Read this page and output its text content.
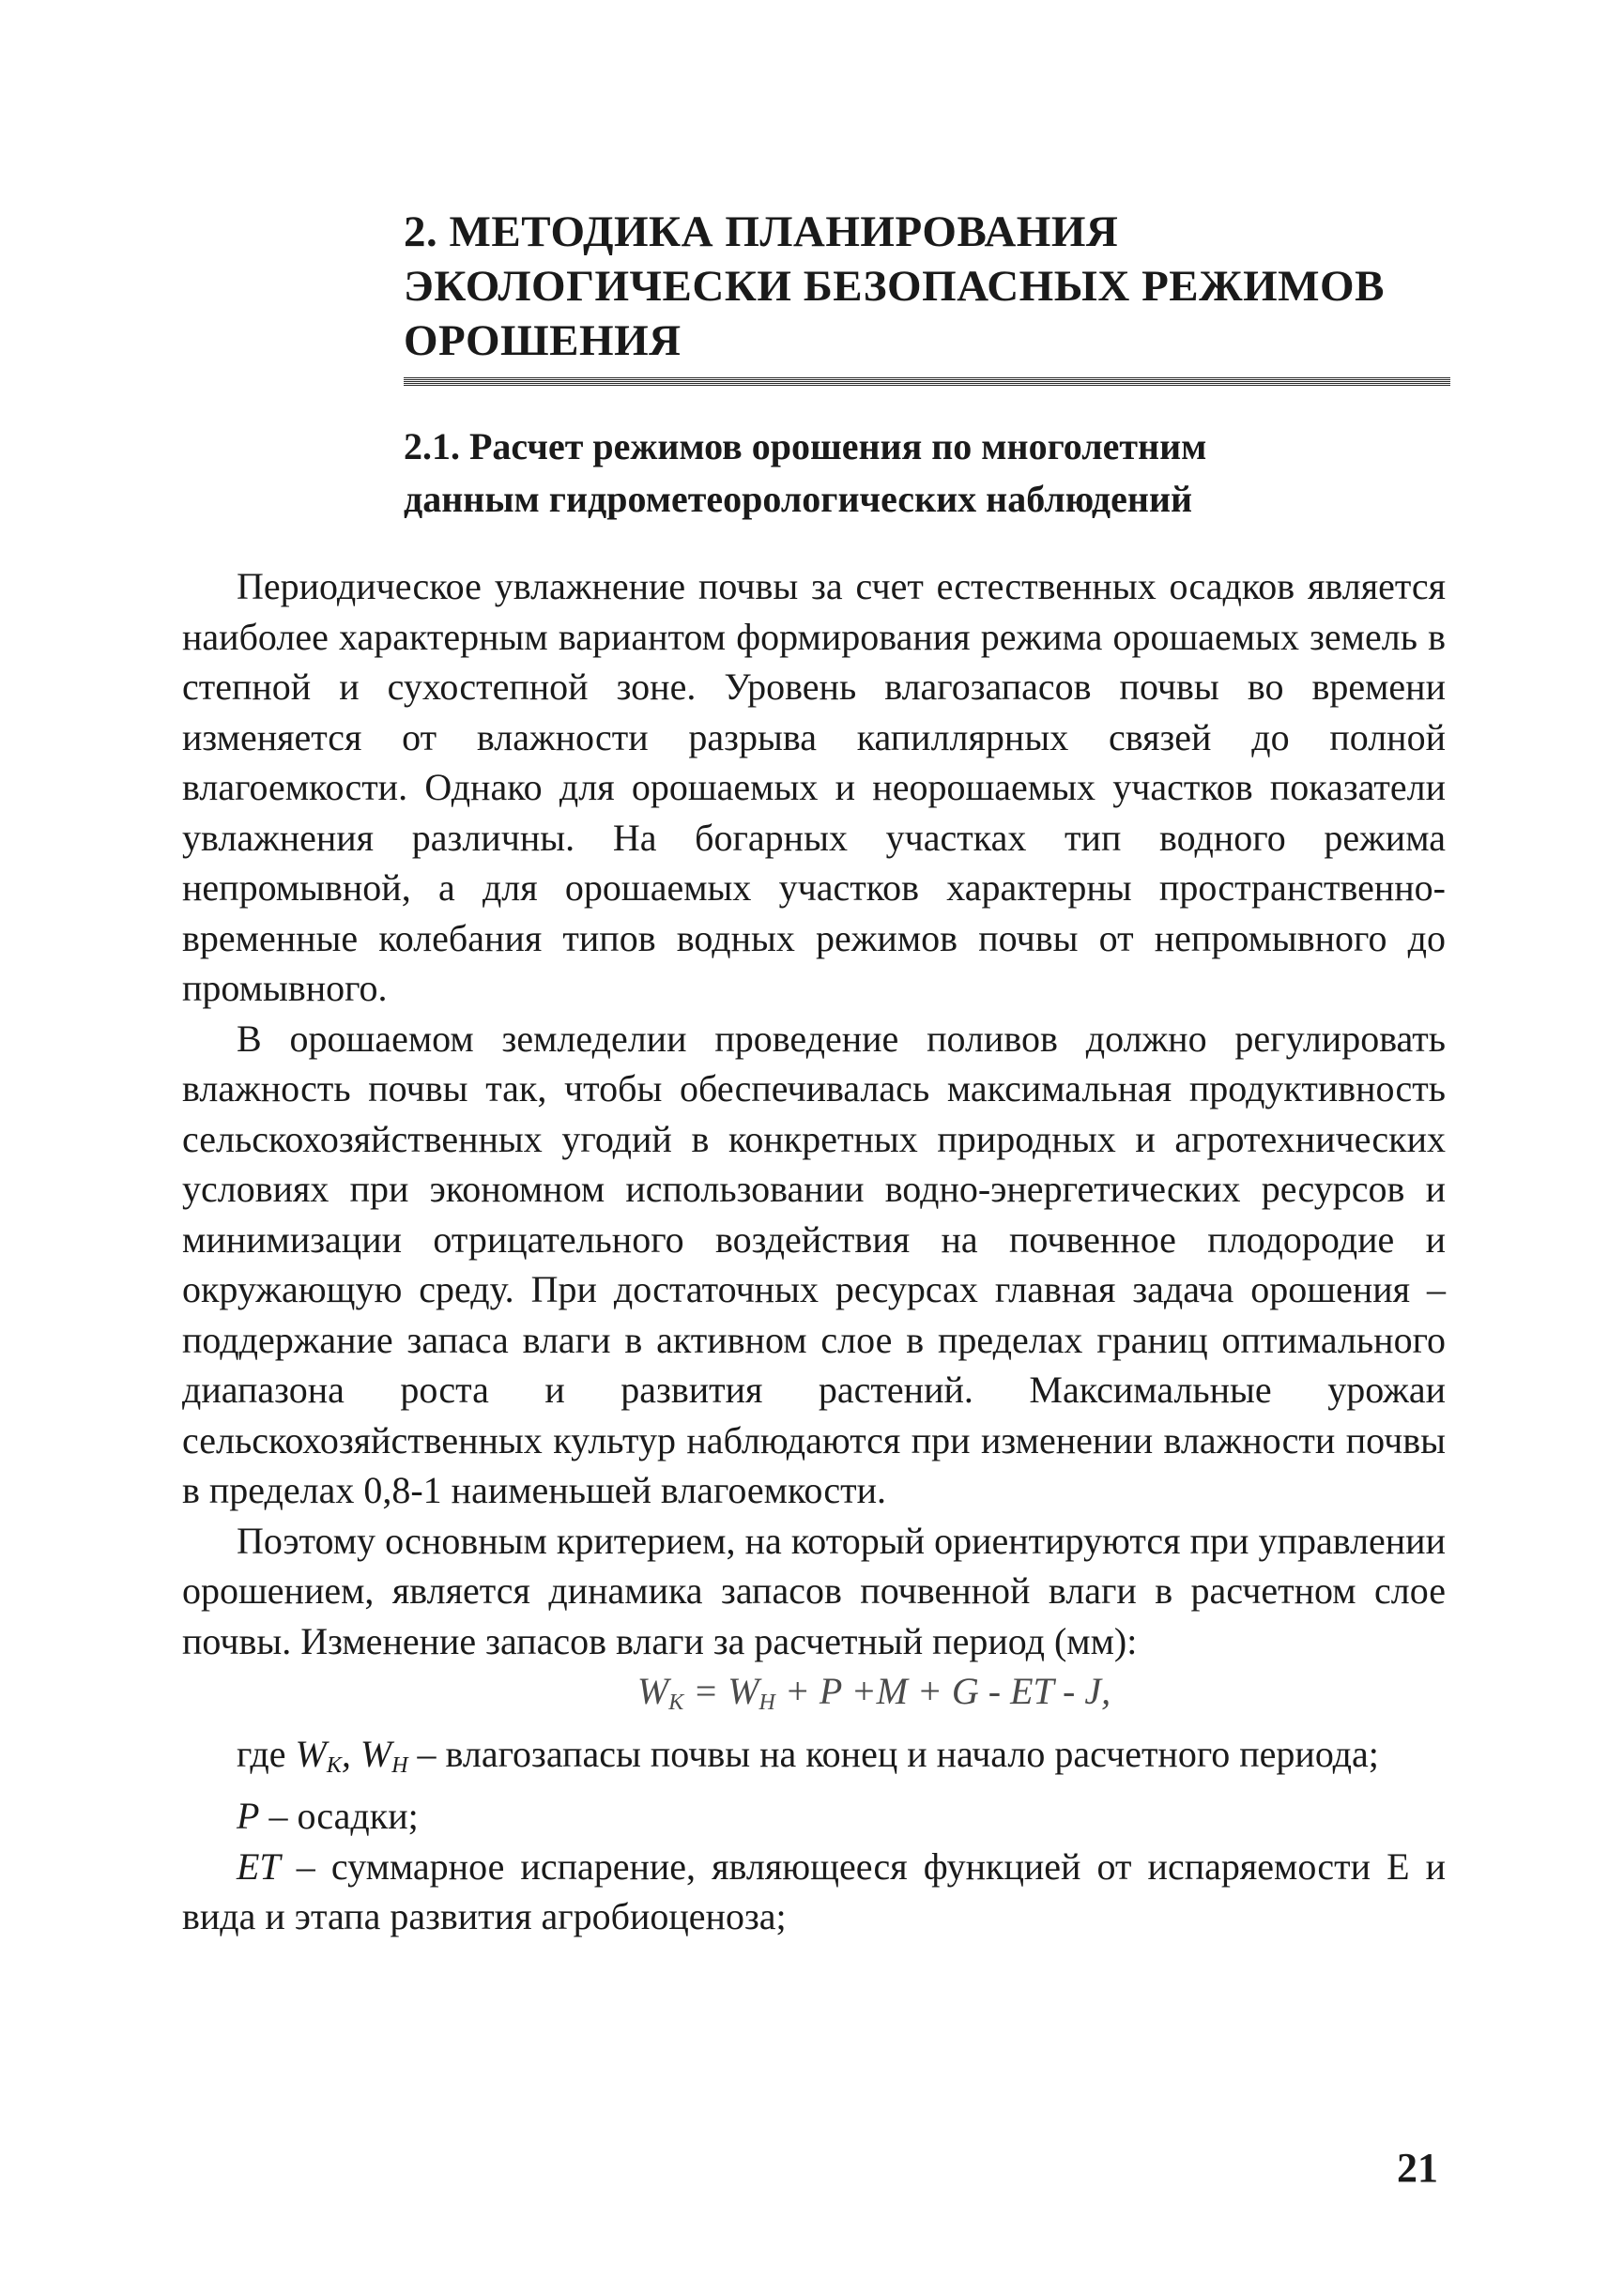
2. МЕТОДИКА ПЛАНИРОВАНИЯ
ЭКОЛОГИЧЕСКИ БЕЗОПАСНЫХ РЕЖИМОВ
ОРОШЕНИЯ
2.1. Расчет режимов орошения по многолетним
данным гидрометеорологических наблюдений

Периодическое увлажнение почвы за счет естественных осадков является наиболее характерным вариантом формирования режима орошаемых земель в степной и сухостепной зоне. Уровень влагозапасов почвы во времени изменяется от влажности разрыва капиллярных связей до полной влагоемкости. Однако для орошаемых и неорошаемых участков показатели увлажнения различны. На богарных участках тип водного режима непромывной, а для орошаемых участков характерны пространственно-временные колебания типов водных режимов почвы от непромывного до промывного.

В орошаемом земледелии проведение поливов должно регулировать влажность почвы так, чтобы обеспечивалась максимальная продуктивность сельскохозяйственных угодий в конкретных природных и агротехнических условиях при экономном использовании водно-энергетических ресурсов и минимизации отрицательного воздействия на почвенное плодородие и окружающую среду. При достаточных ресурсах главная задача орошения – поддержание запаса влаги в активном слое в пределах границ оптимального диапазона роста и развития растений. Максимальные урожаи сельскохозяйственных культур наблюдаются при изменении влажности почвы в пределах 0,8-1 наименьшей влагоемкости.

Поэтому основным критерием, на который ориентируются при управлении орошением, является динамика запасов почвенной влаги в расчетном слое почвы. Изменение запасов влаги за расчетный период (мм):

$W_K = W_H + P +M + G$ - ET - J,

где $W_K$, $W_H$ – влагозапасы почвы на конец и начало расчетного периода;

P – осадки;

ET – суммарное испарение, являющееся функцией от испаряемости Е и вида и этапа развития агробиоценоза;

21
